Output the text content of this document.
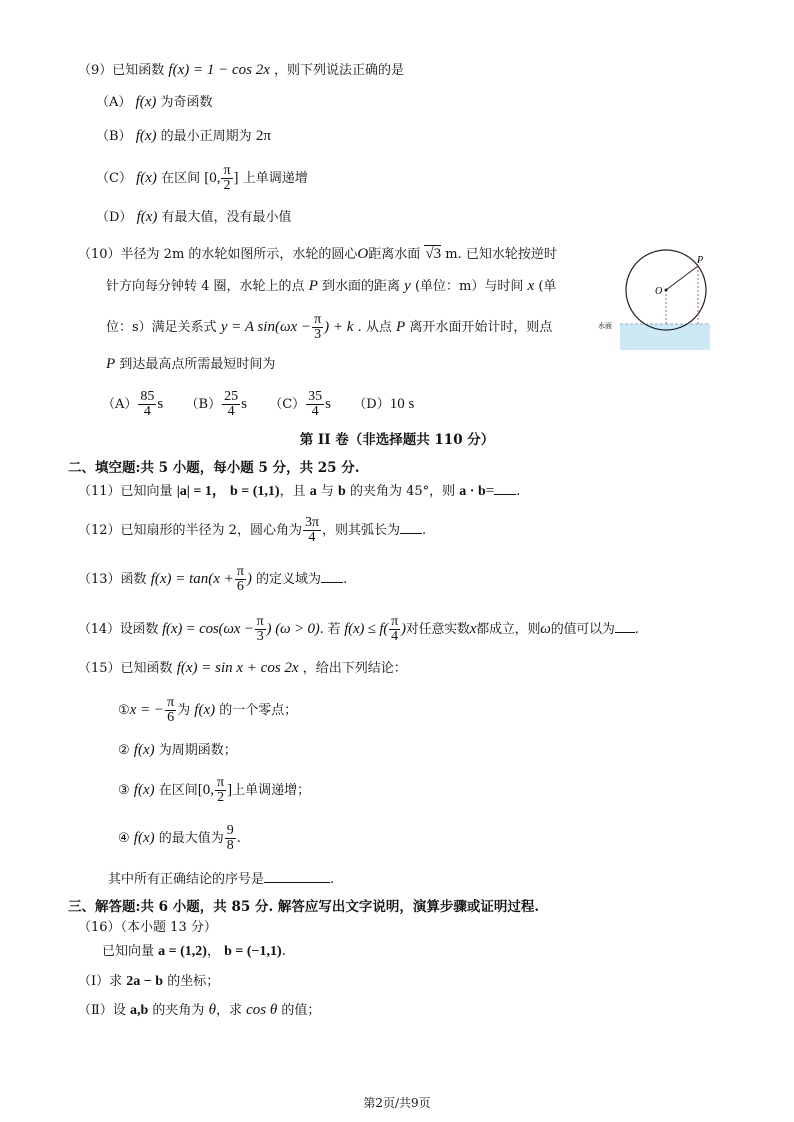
（9）已知函数 f(x) = 1 − cos 2x ，则下列说法正确的是
（A） f(x) 为奇函数
（B） f(x) 的最小正周期为 2π
（C） f(x) 在区间 [0, $\frac{\pi}{2}$ ] 上单调递增
（D） f(x) 有最大值，没有最小值
（10）半径为 2m 的水轮如图所示，水轮的圆心O距离水面 √3 m. 已知水轮按逆时
针方向每分钟转 4 圈，水轮上的点 P 到水面的距离 y (单位：m）与时间 x (单
位：s）满足关系式 y = A $\sin(\omega x - \frac{\pi}{3}$ ) + k . 从点 P 离开水面开始计时，则点
P 到达最高点所需最短时间为
$(A) \frac{85}{4}$ s $(B) \frac{25}{4}$ s $(C) \frac{35}{4}$ s （D）10 s
O
P
水面
第 II 卷（非选择题共 110 分）
二、填空题:共 5 小题，每小题 5 分，共 25 分.
（11）已知向量 |a| = 1， b = (1,1)，且 a 与 b 的夹角为 45°，则 a · b= .
（12）已知扇形的半径为 2，圆心角为 $\frac{3\pi}{4}$ ，则其弧长为 .
（13）函数 $f(x) = \tan(x + \frac{\pi}{6}$ ) 的定义域为 .
（14）设函数 $f(x) = \cos(\omega x - \frac{\pi}{3}$ ) (ω > 0). 若 $f(x) \le f( \frac{\pi}{4}$ )对任意实数x都成立，则ω的值可以为 .
（15）已知函数 f(x) = sin x + cos 2x ，给出下列结论：
①x = − $\frac{\pi}{6}$ 为 f(x) 的一个零点；
② f(x) 为周期函数；
③ f(x) 在区间[0, $\frac{\pi}{2}$ ]上单调递增；
④ f(x) 的最大值为 $\frac{9}{8}$ .
其中所有正确结论的序号是	.
三、解答题:共 6 小题，共 85 分. 解答应写出文字说明，演算步骤或证明过程.
（16）（本小题 13 分）
已知向量 a = (1,2)， b = (−1,1).
（Ⅰ）求 2a − b 的坐标；
（Ⅱ）设 a,b 的夹角为 θ，求 cos θ 的值；
第2页/共9页
